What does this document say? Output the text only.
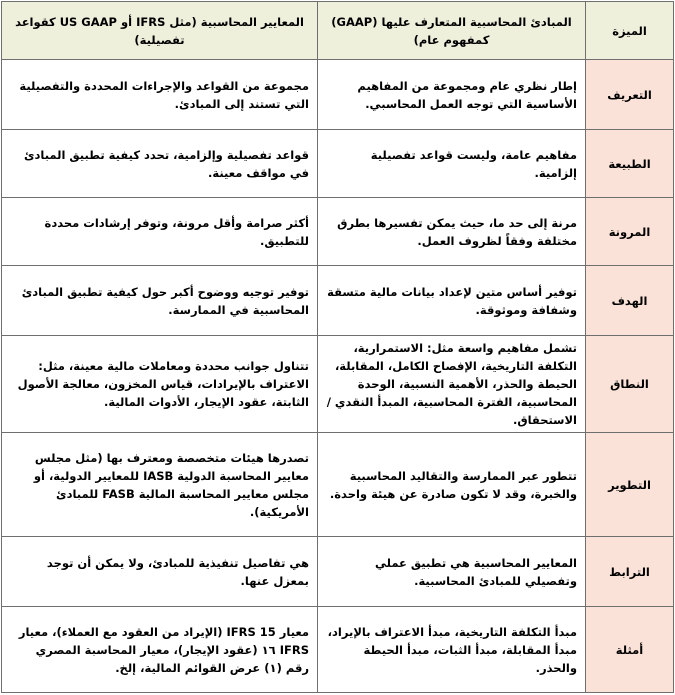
الميزة	المبادئ المحاسبية المتعارف عليها (GAAP) كمفهوم عام)	المعايير المحاسبية (مثل IFRS أو US GAAP كقواعد تفصيلية)
التعريف	إطار نظري عام ومجموعة من المفاهيم الأساسية التي توجه العمل المحاسبي.	مجموعة من القواعد والإجراءات المحددة والتفصيلية التي تستند إلى المبادئ.
الطبيعة	مفاهيم عامة، وليست قواعد تفصيلية إلزامية.	قواعد تفصيلية وإلزامية، تحدد كيفية تطبيق المبادئ في مواقف معينة.
المرونة	مرنة إلى حد ما، حيث يمكن تفسيرها بطرق مختلفة وفقاً لظروف العمل.	أكثر صرامة وأقل مرونة، وتوفر إرشادات محددة للتطبيق.
الهدف	توفير أساس متين لإعداد بيانات مالية متسقة وشفافة وموثوقة.	توفير توجيه ووضوح أكبر حول كيفية تطبيق المبادئ المحاسبية في الممارسة.
النطاق	تشمل مفاهيم واسعة مثل: الاستمرارية، التكلفة التاريخية، الإفصاح الكامل، المقابلة، الحيطة والحذر، الأهمية النسبية، الوحدة المحاسبية، الفترة المحاسبية، المبدأ النقدي / الاستحقاق.	تتناول جوانب محددة ومعاملات مالية معينة، مثل: الاعتراف بالإيرادات، قياس المخزون، معالجة الأصول الثابتة، عقود الإيجار، الأدوات المالية.
التطوير	تتطور عبر الممارسة والتقاليد المحاسبية والخبرة، وقد لا تكون صادرة عن هيئة واحدة.	تصدرها هيئات متخصصة ومعترف بها (مثل مجلس معايير المحاسبة الدولية IASB للمعايير الدولية، أو مجلس معايير المحاسبة المالية FASB للمبادئ الأمريكية).
الترابط	المعايير المحاسبية هي تطبيق عملي وتفصيلي للمبادئ المحاسبية.	هي تفاصيل تنفيذية للمبادئ، ولا يمكن أن توجد بمعزل عنها.
أمثلة	مبدأ التكلفة التاريخية، مبدأ الاعتراف بالإيراد، مبدأ المقابلة، مبدأ الثبات، مبدأ الحيطة والحذر.	معيار IFRS 15 (الإيراد من العقود مع العملاء)، معيار IFRS ١٦ (عقود الإيجار)، معيار المحاسبة المصري رقم (١) عرض القوائم المالية، إلخ.
